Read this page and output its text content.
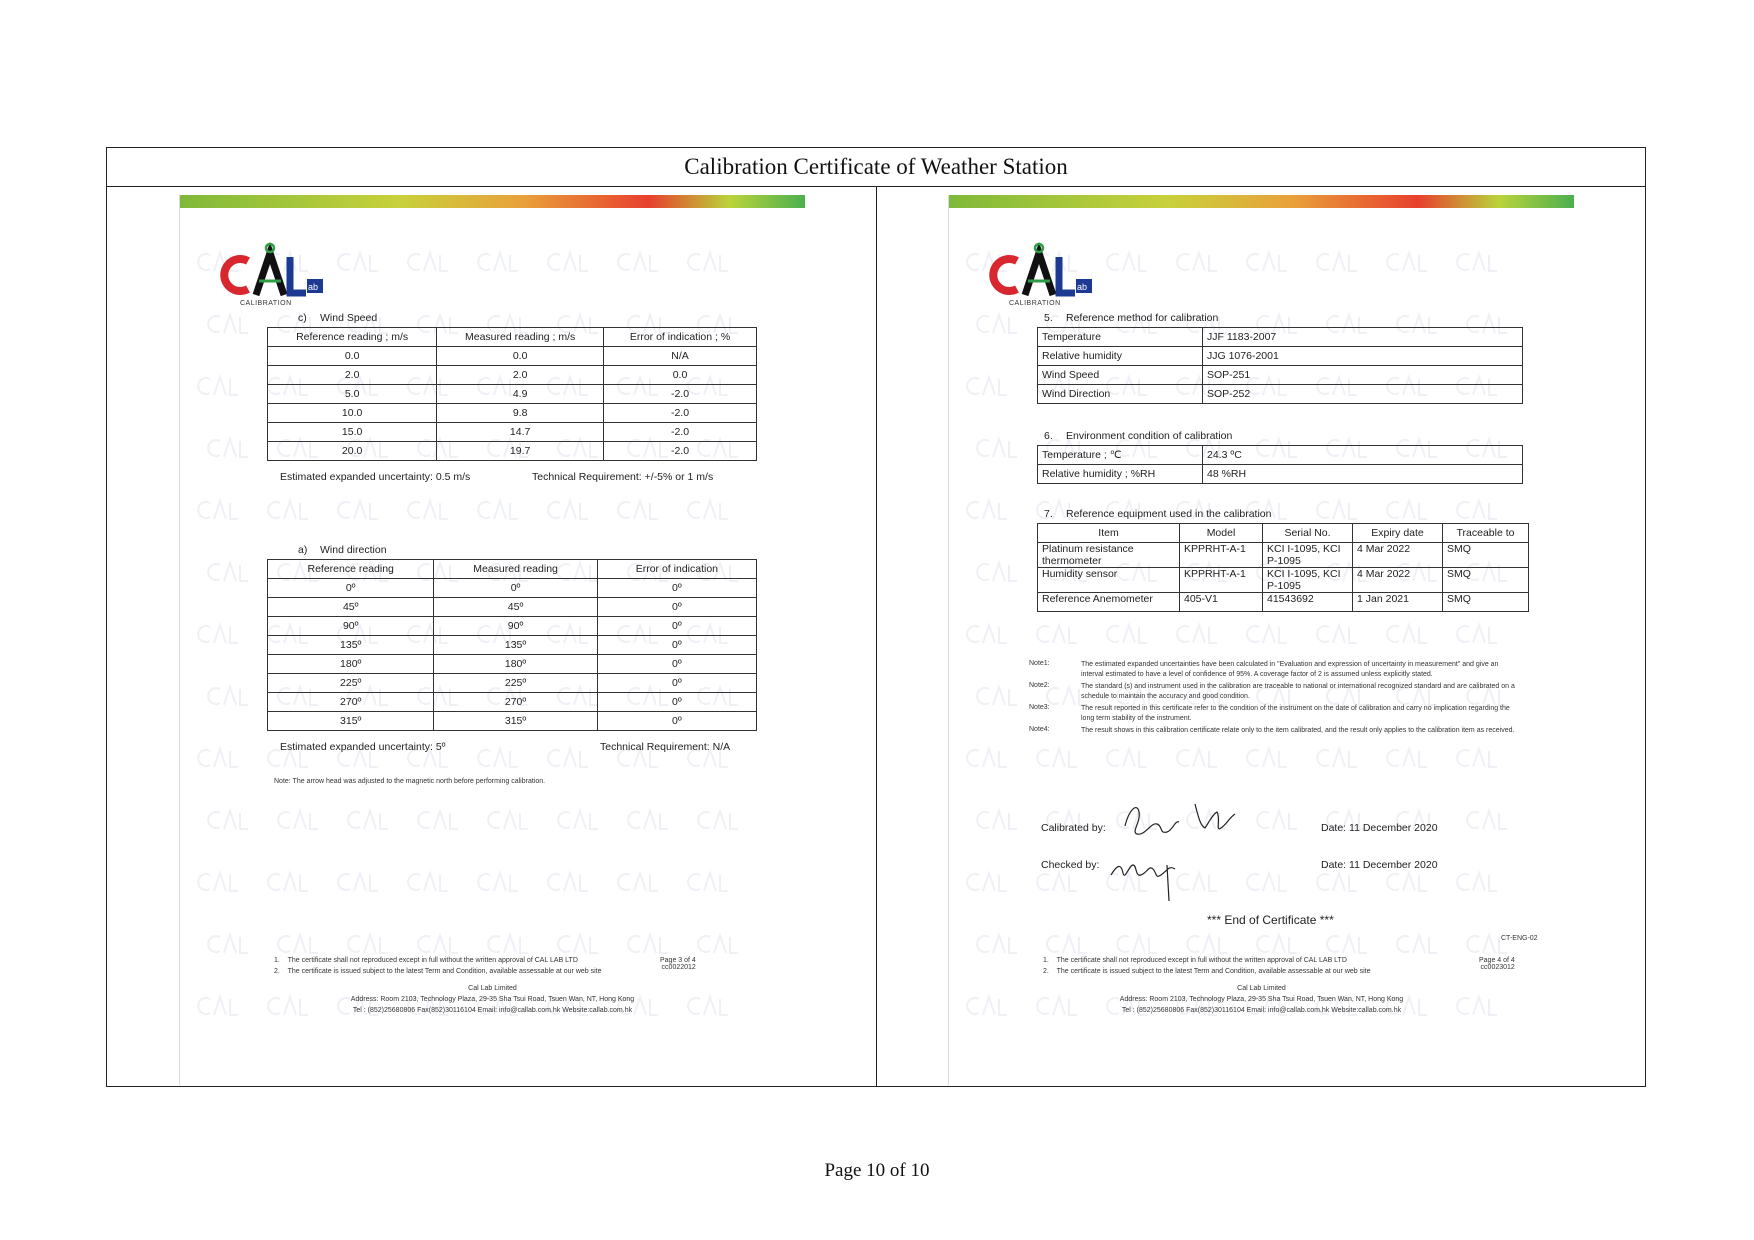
Calibration Certificate of Weather Station
ab
CALIBRATION
c) Wind Speed
Reference reading ; m/s	Measured reading ; m/s	Error of indication ; %
0.0	0.0	N/A
2.0	2.0	0.0
5.0	4.9	-2.0
10.0	9.8	-2.0
15.0	14.7	-2.0
20.0	19.7	-2.0
Estimated expanded uncertainty: 0.5 m/s	Technical Requirement: +/-5% or 1 m/s
a) Wind direction
Reference reading	Measured reading	Error of indication
0º	0º	0º
45º	45º	0º
90º	90º	0º
135º	135º	0º
180º	180º	0º
225º	225º	0º
270º	270º	0º
315º	315º	0º
Estimated expanded uncertainty: 5º	Technical Requirement: N/A
Note: The arrow head was adjusted to the magnetic north before performing calibration.
1.    The certificate shall not reproduced except in full without the written approval of CAL LAB LTD
2.    The certificate is issued subject to the latest Term and Condition, available assessable at our web site
Page 3 of 4
cc0022012
Cal Lab Limited
Address: Room 2103, Technology Plaza, 29-35 Sha Tsui Road, Tsuen Wan, NT, Hong Kong
Tel : (852)25680806 Fax(852)30116104 Email: info@callab.com.hk Website:callab.com.hk
ab
CALIBRATION
5. Reference method for calibration
Temperature	JJF 1183-2007
Relative humidity	JJG 1076-2001
Wind Speed	SOP-251
Wind Direction	SOP-252
6. Environment condition of calibration
Temperature ; ℃	24.3 ºC
Relative humidity ; %RH	48 %RH
7. Reference equipment used in the calibration
Item	Model	Serial No.	Expiry date	Traceable to
Platinum resistance thermometer	KPPRHT-A-1	KCI I-1095, KCI P-1095	4 Mar 2022	SMQ
Humidity sensor	KPPRHT-A-1	KCI I-1095, KCI P-1095	4 Mar 2022	SMQ
Reference Anemometer	405-V1	41543692	1 Jan 2021	SMQ
Note1:	The estimated expanded uncertainties have been calculated in "Evaluation and expression of uncertainty in measurement" and give an interval estimated to have a level of confidence of 95%. A coverage factor of 2 is assumed unless explicitly stated.
Note2:	The standard (s) and instrument used in the calibration are traceable to national or international recognized standard and are calibrated on a schedule to maintain the accuracy and good condition.
Note3:	The result reported in this certificate refer to the condition of the instrument on the date of calibration and carry no implication regarding the long term stability of the instrument.
Note4:	The result shows in this calibration certificate relate only to the item calibrated, and the result only applies to the calibration item as received.
Calibrated by:
Checked by:
Date: 11 December 2020
Date: 11 December 2020
*** End of Certificate ***
CT-ENG-02
1.    The certificate shall not reproduced except in full without the written approval of CAL LAB LTD
2.    The certificate is issued subject to the latest Term and Condition, available assessable at our web site
Page 4 of 4
cc0023012
Cal Lab Limited
Address: Room 2103, Technology Plaza, 29-35 Sha Tsui Road, Tsuen Wan, NT, Hong Kong
Tel : (852)25680806 Fax(852)30116104 Email: info@callab.com.hk Website:callab.com.hk
Page 10 of 10
